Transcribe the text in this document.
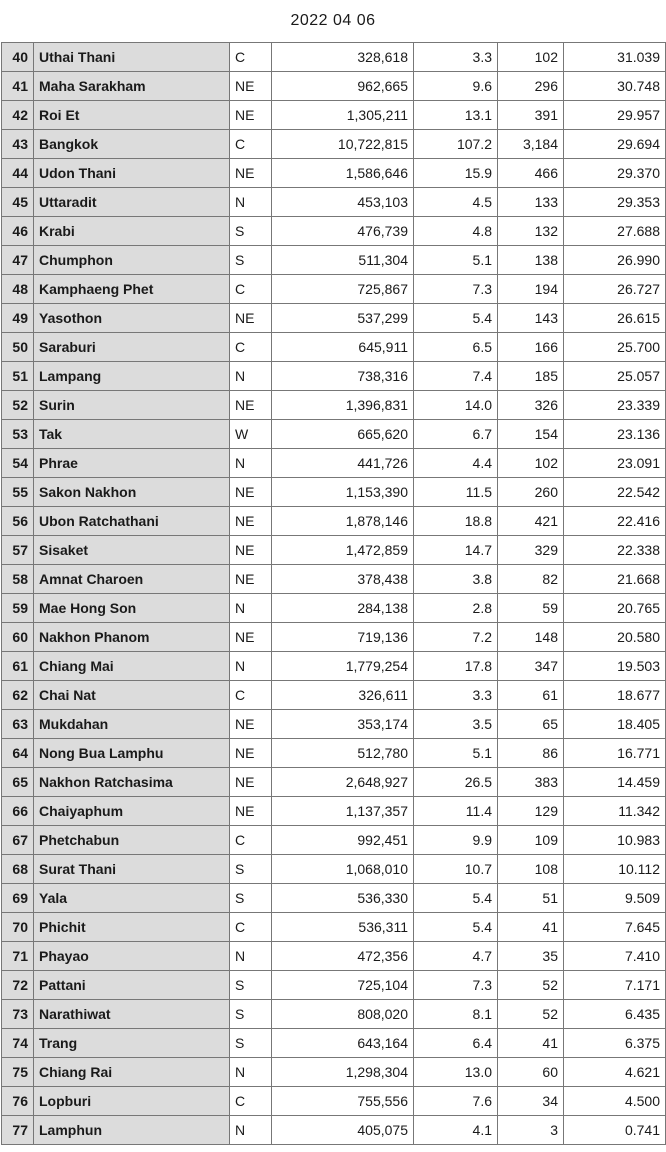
2022 04 06
40	Uthai Thani	C	328,618	3.3	102	31.039
41	Maha Sarakham	NE	962,665	9.6	296	30.748
42	Roi Et	NE	1,305,211	13.1	391	29.957
43	Bangkok	C	10,722,815	107.2	3,184	29.694
44	Udon Thani	NE	1,586,646	15.9	466	29.370
45	Uttaradit	N	453,103	4.5	133	29.353
46	Krabi	S	476,739	4.8	132	27.688
47	Chumphon	S	511,304	5.1	138	26.990
48	Kamphaeng Phet	C	725,867	7.3	194	26.727
49	Yasothon	NE	537,299	5.4	143	26.615
50	Saraburi	C	645,911	6.5	166	25.700
51	Lampang	N	738,316	7.4	185	25.057
52	Surin	NE	1,396,831	14.0	326	23.339
53	Tak	W	665,620	6.7	154	23.136
54	Phrae	N	441,726	4.4	102	23.091
55	Sakon Nakhon	NE	1,153,390	11.5	260	22.542
56	Ubon Ratchathani	NE	1,878,146	18.8	421	22.416
57	Sisaket	NE	1,472,859	14.7	329	22.338
58	Amnat Charoen	NE	378,438	3.8	82	21.668
59	Mae Hong Son	N	284,138	2.8	59	20.765
60	Nakhon Phanom	NE	719,136	7.2	148	20.580
61	Chiang Mai	N	1,779,254	17.8	347	19.503
62	Chai Nat	C	326,611	3.3	61	18.677
63	Mukdahan	NE	353,174	3.5	65	18.405
64	Nong Bua Lamphu	NE	512,780	5.1	86	16.771
65	Nakhon Ratchasima	NE	2,648,927	26.5	383	14.459
66	Chaiyaphum	NE	1,137,357	11.4	129	11.342
67	Phetchabun	C	992,451	9.9	109	10.983
68	Surat Thani	S	1,068,010	10.7	108	10.112
69	Yala	S	536,330	5.4	51	9.509
70	Phichit	C	536,311	5.4	41	7.645
71	Phayao	N	472,356	4.7	35	7.410
72	Pattani	S	725,104	7.3	52	7.171
73	Narathiwat	S	808,020	8.1	52	6.435
74	Trang	S	643,164	6.4	41	6.375
75	Chiang Rai	N	1,298,304	13.0	60	4.621
76	Lopburi	C	755,556	7.6	34	4.500
77	Lamphun	N	405,075	4.1	3	0.741
